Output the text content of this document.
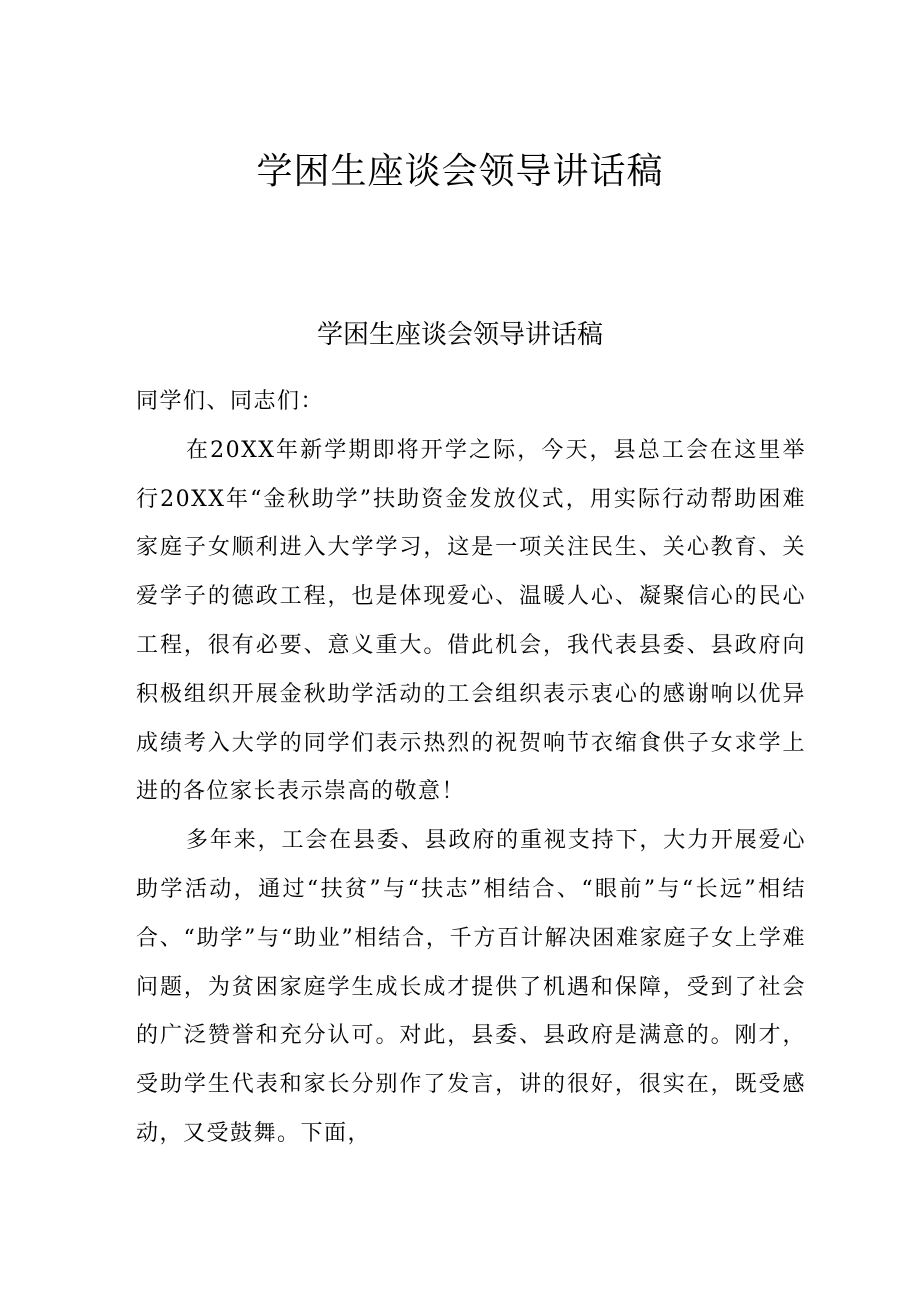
学困生座谈会领导讲话稿
学困生座谈会领导讲话稿

同学们、同志们：

在20XX年新学期即将开学之际，今天，县总工会在这里举行20XX年“金秋助学”扶助资金发放仪式，用实际行动帮助困难家庭子女顺利进入大学学习，这是一项关注民生、关心教育、关爱学子的德政工程，也是体现爱心、温暖人心、凝聚信心的民心工程，很有必要、意义重大。借此机会，我代表县委、县政府向积极组织开展金秋助学活动的工会组织表示衷心的感谢响以优异成绩考入大学的同学们表示热烈的祝贺响节衣缩食供子女求学上进的各位家长表示崇高的敬意！

多年来，工会在县委、县政府的重视支持下，大力开展爱心助学活动，通过“扶贫”与“扶志”相结合、“眼前”与“长远”相结合、“助学”与“助业”相结合，千方百计解决困难家庭子女上学难问题，为贫困家庭学生成长成才提供了机遇和保障，受到了社会的广泛赞誉和充分认可。对此，县委、县政府是满意的。刚才，受助学生代表和家长分别作了发言，讲的很好，很实在，既受感动，又受鼓舞。下面，
